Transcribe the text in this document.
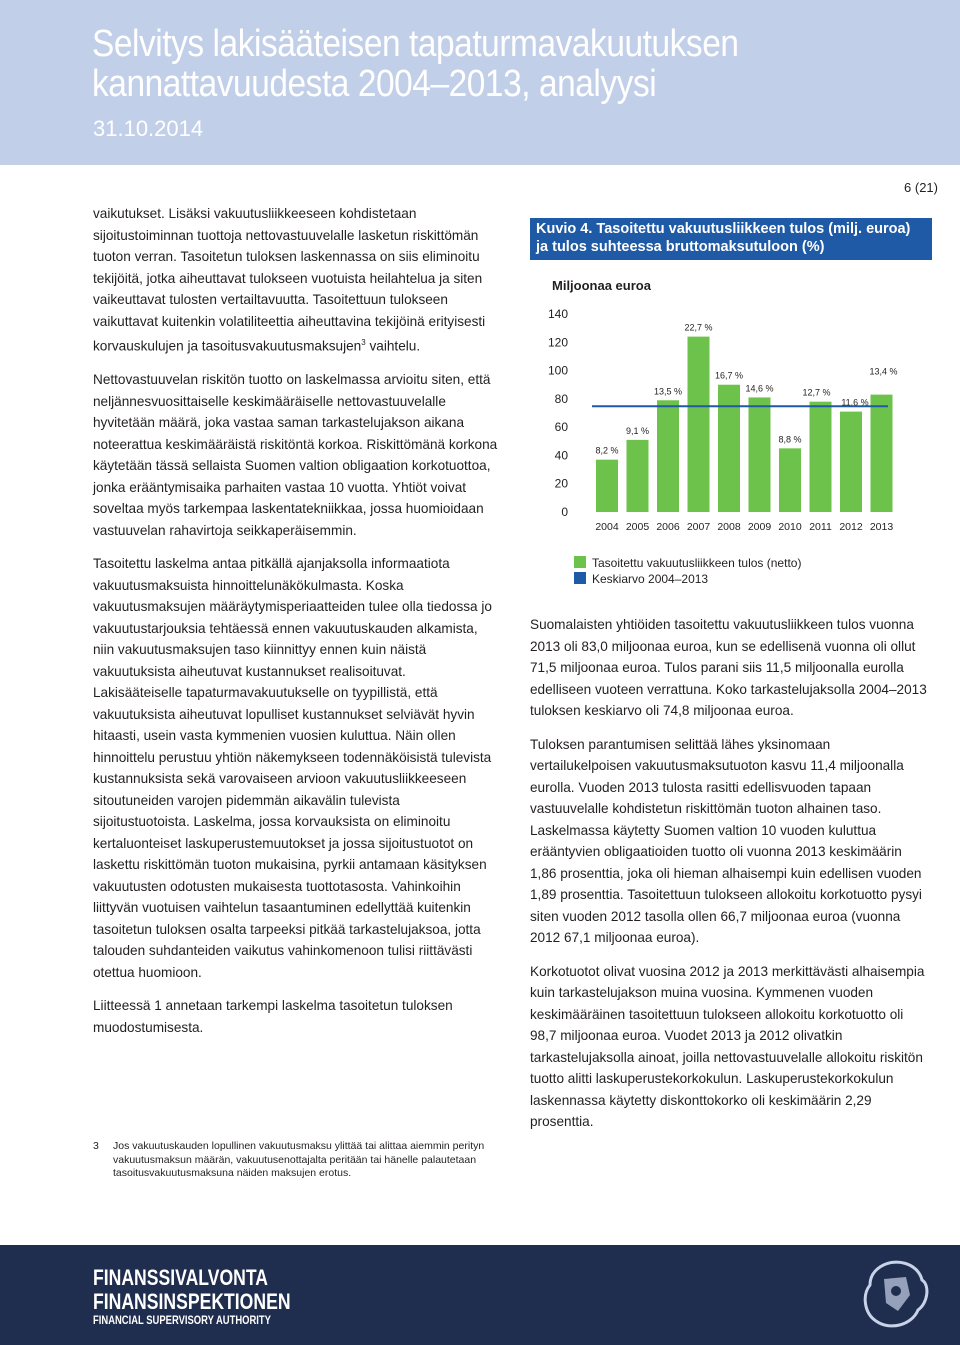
Selvitys lakisääteisen tapaturmavakuutuksen kannattavuudesta 2004–2013, analyysi
31.10.2014
6 (21)

vaikutukset. Lisäksi vakuutusliikkeeseen kohdistetaan sijoitustoiminnan tuottoja nettovastuuvelalle lasketun riskittömän tuoton verran. Tasoitetun tuloksen laskennassa on siis eliminoitu tekijöitä, jotka aiheuttavat tulokseen vuotuista heilahtelua ja siten vaikeuttavat tulosten vertailtavuutta. Tasoitettuun tulokseen vaikuttavat kuitenkin volatiliteettia aiheuttavina tekijöinä erityisesti korvauskulujen ja tasoitusvakuutusmaksujen$^3$ vaihtelu.

Nettovastuuvelan riskitön tuotto on laskelmassa arvioitu siten, että neljännesvuosittaiselle keskimääräiselle nettovastuuvelalle hyvitetään määrä, joka vastaa saman tarkastelujakson aikana noteerattua keskimääräistä riskitöntä korkoa. Riskittömänä korkona käytetään tässä sellaista Suomen valtion obligaation korkotuottoa, jonka erääntymisaika parhaiten vastaa 10 vuotta. Yhtiöt voivat soveltaa myös tarkempaa laskentatekniikkaa, jossa huomioidaan vastuuvelan rahavirtoja seikkaperäisemmin.

Tasoitettu laskelma antaa pitkällä ajanjaksolla informaatiota vakuutusmaksuista hinnoittelunäkökulmasta. Koska vakuutusmaksujen määräytymisperiaatteiden tulee olla tiedossa jo vakuutustarjouksia tehtäessä ennen vakuutuskauden alkamista, niin vakuutusmaksujen taso kiinnittyy ennen kuin näistä vakuutuksista aiheutuvat kustannukset realisoituvat. Lakisääteiselle tapaturmavakuutukselle on tyypillistä, että vakuutuksista aiheutuvat lopulliset kustannukset selviävät hyvin hitaasti, usein vasta kymmenien vuosien kuluttua. Näin ollen hinnoittelu perustuu yhtiön näkemykseen todennäköisistä tulevista kustannuksista sekä varovaiseen arvioon vakuutusliikkeeseen sitoutuneiden varojen pidemmän aikavälin tulevista sijoitustuotoista. Laskelma, jossa korvauksista on eliminoitu kertaluonteiset laskuperustemuutokset ja jossa sijoitustuotot on laskettu riskittömän tuoton mukaisina, pyrkii antamaan käsityksen vakuutusten odotusten mukaisesta tuottotasosta. Vahinkoihin liittyvän vuotuisen vaihtelun tasaantuminen edellyttää kuitenkin tasoitetun tuloksen osalta tarpeeksi pitkää tarkastelujaksoa, jotta talouden suhdanteiden vaikutus vahinkomenoon tulisi riittävästi otettua huomioon.

Liitteessä 1 annetaan tarkempi laskelma tasoitetun tuloksen muodostumisesta.

3 Jos vakuutuskauden lopullinen vakuutusmaksu ylittää tai alittaa aiemmin perityn vakuutusmaksun määrän, vakuutusenottajalta peritään tai hänelle palautetaan tasoitusvakuutusmaksuna näiden maksujen erotus.
Kuvio 4. Tasoitettu vakuutusliikkeen tulos (milj. euroa)
ja tulos suhteessa bruttomaksutuloon (%)
Miljoonaa euroa
0
20
40
60
80
100
120
140
2004 2005 2006 2007 2008 2009 2010 2011 2012 2013
8,2 %
9,1 %
13,5 %
22,7 %
16,7 %
14,6 %
8,8 %
12,7 %
11,6 %
13,4 %
Tasoitettu vakuutusliikkeen tulos (netto)
Keskiarvo 2004–2013

Suomalaisten yhtiöiden tasoitettu vakuutusliikkeen tulos vuonna 2013 oli 83,0 miljoonaa euroa, kun se edellisenä vuonna oli ollut 71,5 miljoonaa euroa. Tulos parani siis 11,5 miljoonalla eurolla edelliseen vuoteen verrattuna. Koko tarkastelujaksolla 2004–2013 tuloksen keskiarvo oli 74,8 miljoonaa euroa.

Tuloksen parantumisen selittää lähes yksinomaan vertailukelpoisen vakuutusmaksutuoton kasvu 11,4 miljoonalla eurolla. Vuoden 2013 tulosta rasitti edellisvuoden tapaan vastuuvelalle kohdistetun riskittömän tuoton alhainen taso. Laskelmassa käytetty Suomen valtion 10 vuoden kuluttua erääntyvien obligaatioiden tuotto oli vuonna 2013 keskimäärin 1,86 prosenttia, joka oli hieman alhaisempi kuin edellisen vuoden 1,89 prosenttia. Tasoitettuun tulokseen allokoitu korkotuotto pysyi siten vuoden 2012 tasolla ollen 66,7 miljoonaa euroa (vuonna 2012 67,1 miljoonaa euroa).

Korkotuotot olivat vuosina 2012 ja 2013 merkittävästi alhaisempia kuin tarkastelujakson muina vuosina. Kymmenen vuoden keskimääräinen tasoitettuun tulokseen allokoitu korkotuotto oli 98,7 miljoonaa euroa. Vuodet 2013 ja 2012 olivatkin tarkastelujaksolla ainoat, joilla nettovastuuvelalle allokoitu riskitön tuotto alitti laskuperustekorkokulun. Laskuperustekorkokulun laskennassa käytetty diskonttokorko oli keskimäärin 2,29 prosenttia.

FINANSSIVALVONTA
FINANSINSPEKTIONEN
FINANCIAL SUPERVISORY AUTHORITY
